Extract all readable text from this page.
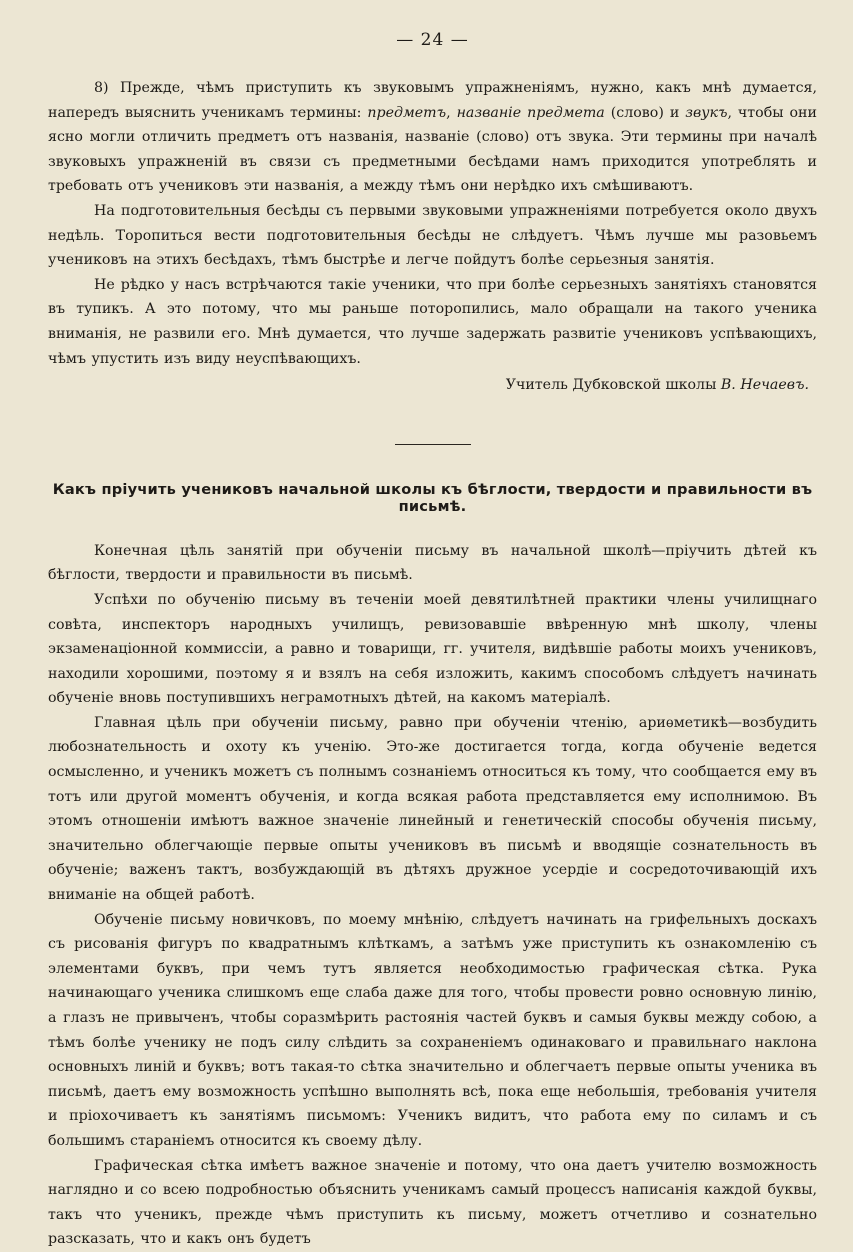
— 24 —

8) Прежде, чѣмъ приступить къ звуковымъ упражненіямъ, нужно, какъ мнѣ думается, напередъ выяснить ученикамъ термины: предметъ, названіе предмета (слово) и звукъ, чтобы они ясно могли отличить предметъ отъ названія, названіе (слово) отъ звука. Эти термины при началѣ звуковыхъ упражненій въ связи съ предметными бесѣдами намъ приходится употреблять и требовать отъ учениковъ эти названія, а между тѣмъ они нерѣдко ихъ смѣшиваютъ.

На подготовительныя бесѣды съ первыми звуковыми упражненіями потребуется около двухъ недѣль. Торопиться вести подготовительныя бесѣды не слѣдуетъ. Чѣмъ лучше мы разовьемъ учениковъ на этихъ бесѣдахъ, тѣмъ быстрѣе и легче пойдутъ болѣе серьезныя занятія.

Не рѣдко у насъ встрѣчаются такіе ученики, что при болѣе серьезныхъ занятіяхъ становятся въ тупикъ. А это потому, что мы раньше поторопились, мало обращали на такого ученика вниманія, не развили его. Мнѣ думается, что лучше задержать развитіе учениковъ успѣвающихъ, чѣмъ упустить изъ виду неуспѣвающихъ.

Учитель Дубковской школы В. Нечаевъ.
Какъ пріучить учениковъ начальной школы къ бѣглости, твердости и правильности въ письмѣ.

Конечная цѣль занятій при обученіи письму въ начальной школѣ—пріучить дѣтей къ бѣглости, твердости и правильности въ письмѣ.

Успѣхи по обученію письму въ теченіи моей девятилѣтней практики члены училищнаго совѣта, инспекторъ народныхъ училищъ, ревизовавшіе ввѣренную мнѣ школу, члены экзаменаціонной коммиссіи, а равно и товарищи, гг. учителя, видѣвшіе работы моихъ учениковъ, находили хорошими, поэтому я и взялъ на себя изложить, какимъ способомъ слѣдуетъ начинать обученіе вновь поступившихъ неграмотныхъ дѣтей, на какомъ матеріалѣ.

Главная цѣль при обученіи письму, равно при обученіи чтенію, ариѳметикѣ—возбудить любознательность и охоту къ ученію. Это-же достигается тогда, когда обученіе ведется осмысленно, и ученикъ можетъ съ полнымъ сознаніемъ относиться къ тому, что сообщается ему въ тотъ или другой моментъ обученія, и когда всякая работа представляется ему исполнимою. Въ этомъ отношеніи имѣютъ важное значеніе линейный и генетическій способы обученія письму, значительно облегчающіе первые опыты учениковъ въ письмѣ и вводящіе сознательность въ обученіе; важенъ тактъ, возбуждающій въ дѣтяхъ дружное усердіе и сосредоточивающій ихъ вниманіе на общей работѣ.

Обученіе письму новичковъ, по моему мнѣнію, слѣдуетъ начинать на грифельныхъ доскахъ съ рисованія фигуръ по квадратнымъ клѣткамъ, а затѣмъ уже приступить къ ознакомленію съ элементами буквъ, при чемъ тутъ является необходимостью графическая сѣтка. Рука начинающаго ученика слишкомъ еще слаба даже для того, чтобы провести ровно основную линію, а глазъ не привыченъ, чтобы соразмѣрить растоянія частей буквъ и самыя буквы между собою, а тѣмъ болѣе ученику не подъ силу слѣдить за сохраненіемъ одинаковаго и правильнаго наклона основныхъ линій и буквъ; вотъ такая-то сѣтка значительно и облегчаетъ первые опыты ученика въ письмѣ, даетъ ему возможность успѣшно выполнять всѣ, пока еще небольшія, требованія учителя и пріохочиваетъ къ занятіямъ письмомъ: Ученикъ видитъ, что работа ему по силамъ и съ большимъ стараніемъ относится къ своему дѣлу.

Графическая сѣтка имѣетъ важное значеніе и потому, что она даетъ учителю возможность наглядно и со всею подробностью объяснить ученикамъ самый процессъ написанія каждой буквы, такъ что ученикъ, прежде чѣмъ приступить къ письму, можетъ отчетливо и сознательно разсказать, что и какъ онъ будетъ
